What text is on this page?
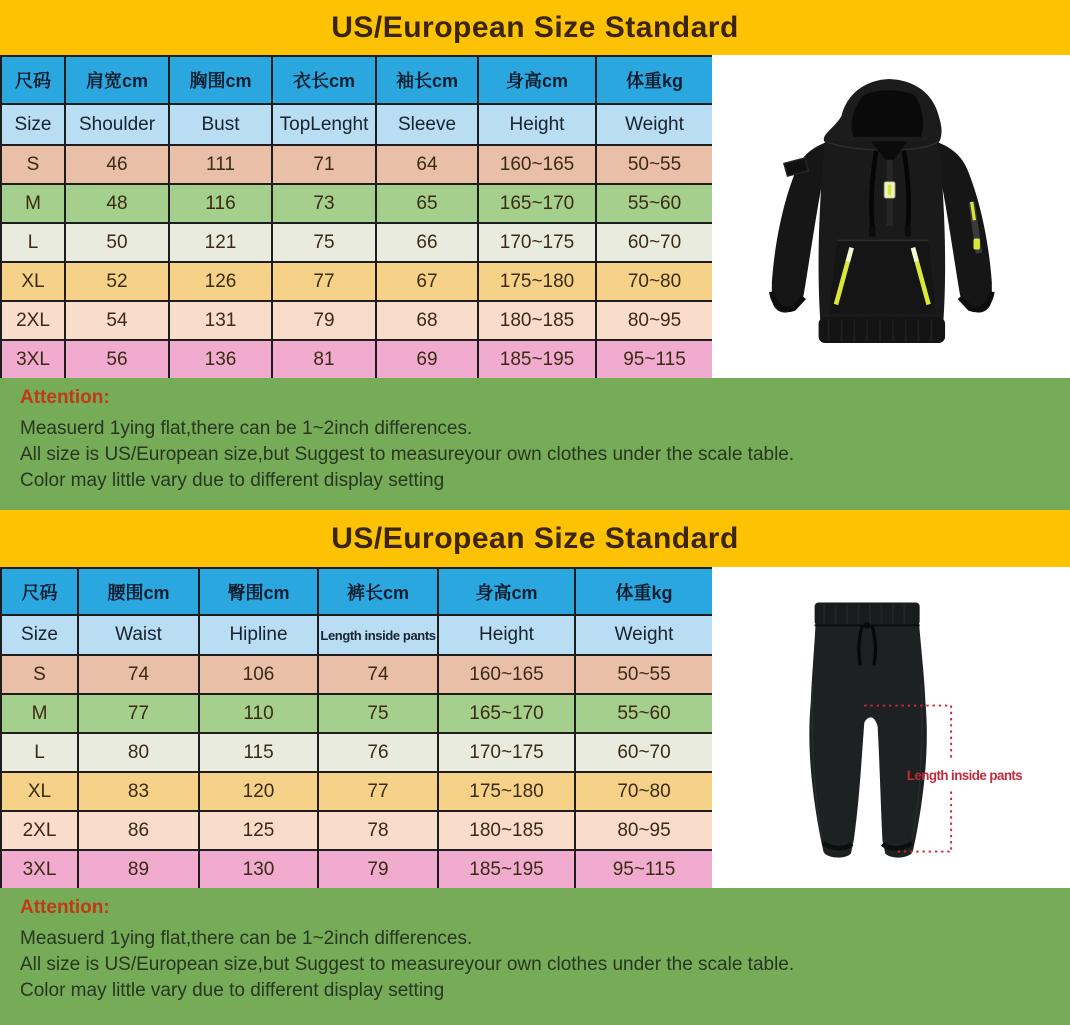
US/European Size Standard
尺码	肩宽cm	胸围cm	衣长cm	袖长cm	身高cm	体重kg
Size	Shoulder	Bust	TopLenght	Sleeve	Height	Weight
S	46	111	71	64	160~165	50~55
M	48	116	73	65	165~170	55~60
L	50	121	75	66	170~175	60~70
XL	52	126	77	67	175~180	70~80
2XL	54	131	79	68	180~185	80~95
3XL	56	136	81	69	185~195	95~115
Attention:
Measuerd 1ying flat,there can be 1~2inch differences.
All size is US/European size,but Suggest to measureyour own clothes under the scale table.
Color may little vary due to different display setting
US/European Size Standard
尺码	腰围cm	臀围cm	裤长cm	身高cm	体重kg
Size	Waist	Hipline	Length inside pants	Height	Weight
S	74	106	74	160~165	50~55
M	77	110	75	165~170	55~60
L	80	115	76	170~175	60~70
XL	83	120	77	175~180	70~80
2XL	86	125	78	180~185	80~95
3XL	89	130	79	185~195	95~115
Length inside pants
Attention:
Measuerd 1ying flat,there can be 1~2inch differences.
All size is US/European size,but Suggest to measureyour own clothes under the scale table.
Color may little vary due to different display setting
